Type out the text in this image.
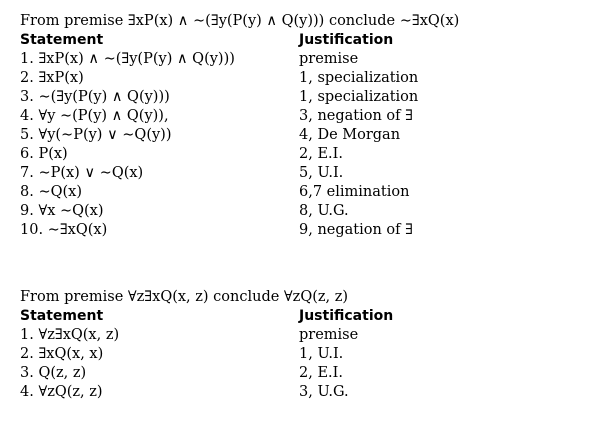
From premise ∃xP(x) ∧ ∼(∃y(P(y) ∧ Q(y))) conclude ∼∃xQ(x)
Statement	Justification
1. ∃xP(x) ∧ ∼(∃y(P(y) ∧ Q(y)))	premise
2. ∃xP(x)	1, specialization
3. ∼(∃y(P(y) ∧ Q(y)))	1, specialization
4. ∀y ∼(P(y) ∧ Q(y)),	3, negation of ∃
5. ∀y(∼P(y) ∨ ∼Q(y))	4, De Morgan
6. P(x)	2, E.I.
7. ∼P(x) ∨ ∼Q(x)	5, U.I.
8. ∼Q(x)	6,7 elimination
9. ∀x ∼Q(x)	8, U.G.
10. ∼∃xQ(x)	9, negation of ∃
From premise ∀z∃xQ(x, z) conclude ∀zQ(z, z)
Statement	Justification
1. ∀z∃xQ(x, z)	premise
2. ∃xQ(x, x)	1, U.I.
3. Q(z, z)	2, E.I.
4. ∀zQ(z, z)	3, U.G.
